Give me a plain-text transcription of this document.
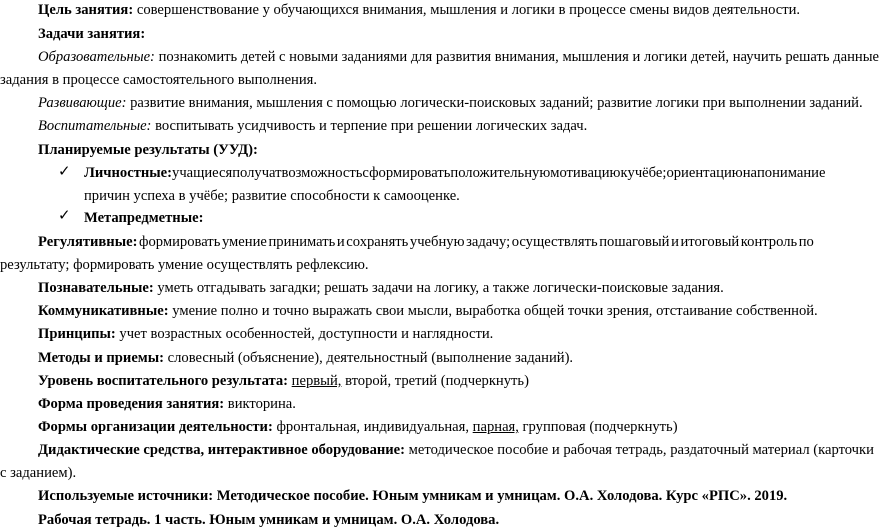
Цель занятия: совершенствование у обучающихся внимания, мышления и логики в процессе смены видов деятельности.
Задачи занятия:
Образовательные: познакомить детей с новыми заданиями для развития внимания, мышления и логики детей, научить решать данные
задания в процессе самостоятельного выполнения.
Развивающие: развитие внимания, мышления с помощью логически-поисковых заданий; развитие логики при выполнении заданий.
Воспитательные: воспитывать усидчивость и терпение при решении логических задач.
Планируемые результаты (УУД):
✓ Личностные: учащиеся получат возможность сформировать положительную мотивацию к учёбе; ориентацию на понимание
причин успеха в учёбе; развитие способности к самооценке.
✓ Метапредметные:
Регулятивные: формировать умение принимать и сохранять учебную задачу; осуществлять пошаговый и итоговый контроль по
результату; формировать умение осуществлять рефлексию.
Познавательные: уметь отгадывать загадки; решать задачи на логику, а также логически-поисковые задания.
Коммуникативные: умение полно и точно выражать свои мысли, выработка общей точки зрения, отстаивание собственной.
Принципы: учет возрастных особенностей, доступности и наглядности.
Методы и приемы: словесный (объяснение), деятельностный (выполнение заданий).
Уровень воспитательного результата: первый, второй, третий (подчеркнуть)
Форма проведения занятия: викторина.
Формы организации деятельности: фронтальная, индивидуальная, парная, групповая (подчеркнуть)
Дидактические средства, интерактивное оборудование: методическое пособие и рабочая тетрадь, раздаточный материал (карточки
с заданием).
Используемые источники: Методическое пособие. Юным умникам и умницам. О.А. Холодова. Курс «РПС». 2019.
Рабочая тетрадь. 1 часть. Юным умникам и умницам. О.А. Холодова.
